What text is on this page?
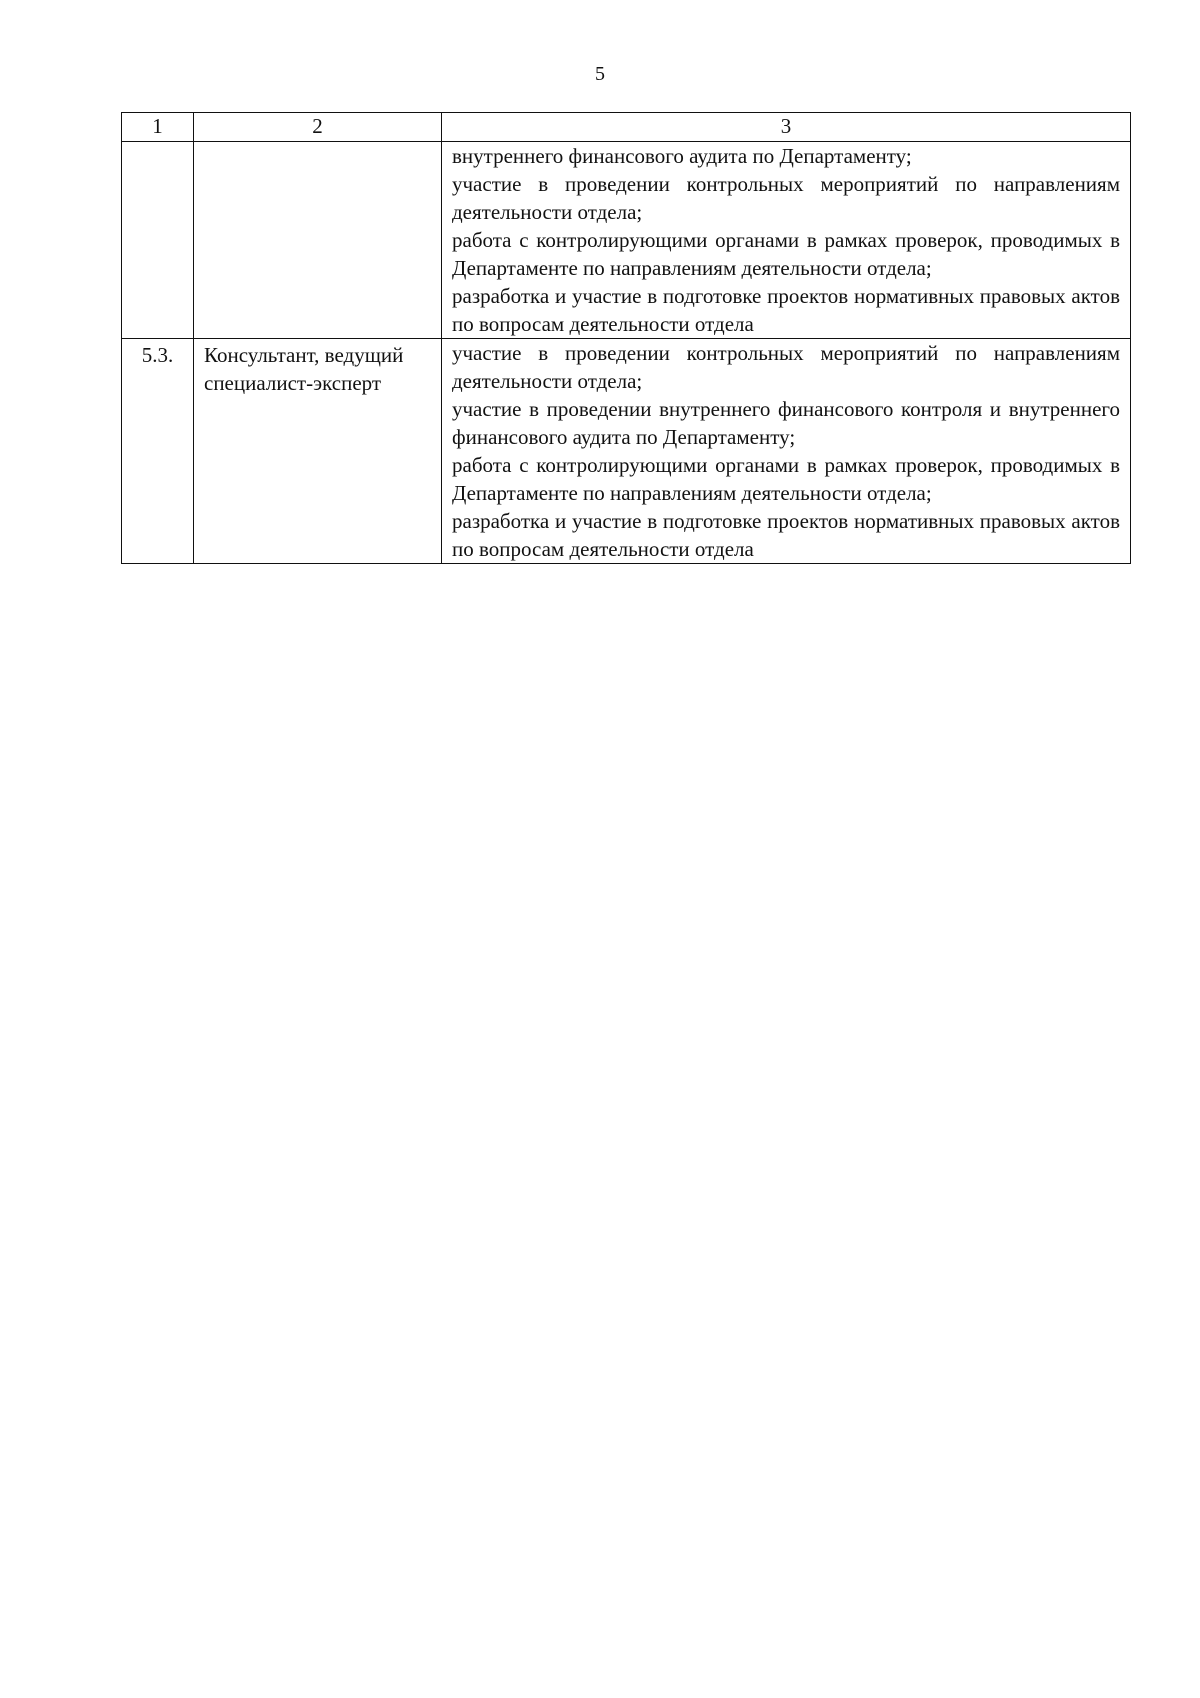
5
1	2	3

		внутреннего финансового аудита по Департаменту;
участие в проведении контрольных мероприятий по направлениям деятельности отдела;
работа с контролирующими органами в рамках проверок, проводимых в Департаменте по направлениям деятельности отдела;
разработка и участие в подготовке проектов нормативных правовых актов по вопросам деятельности отдела

5.3.	Консультант, ведущий специалист-эксперт	участие в проведении контрольных мероприятий по направлениям деятельности отдела;
участие в проведении внутреннего финансового контроля и внутреннего финансового аудита по Департаменту;
работа с контролирующими органами в рамках проверок, проводимых в Департаменте по направлениям деятельности отдела;
разработка и участие в подготовке проектов нормативных правовых актов по вопросам деятельности отдела
